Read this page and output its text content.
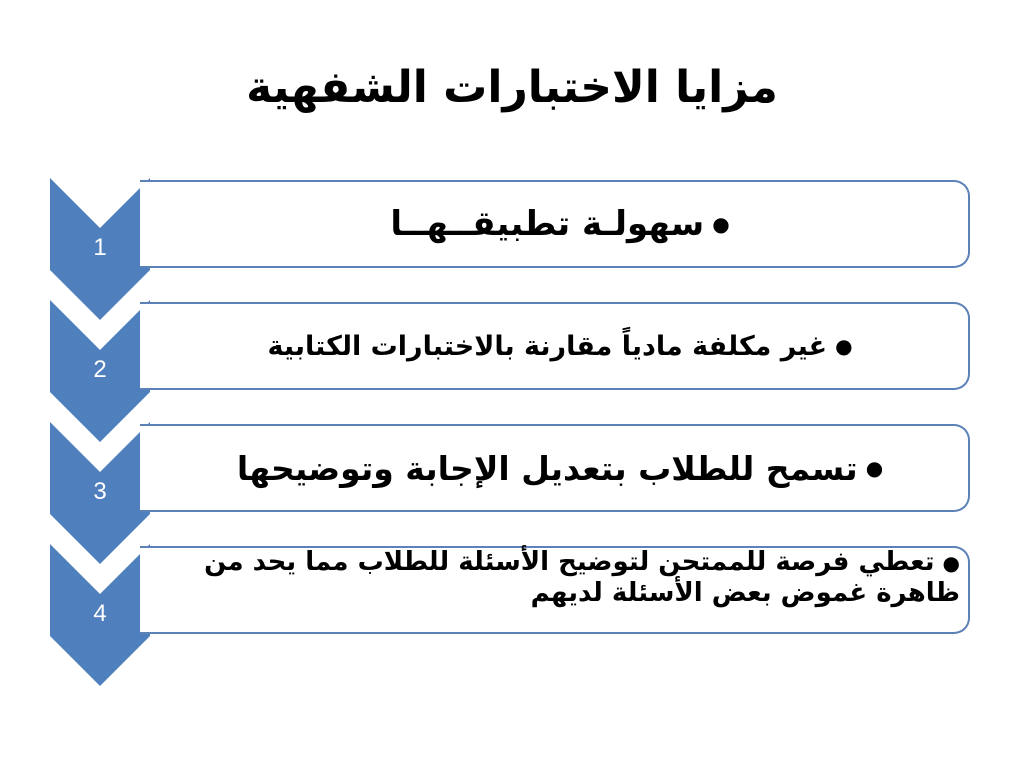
مزايا الاختبارات الشفهية
1
●
سهولـة تطبيقــهــا
2
●
غير مكلفة مادياً مقارنة بالاختبارات الكتابية
3
●
تسمح للطلاب بتعديل الإجابة وتوضيحها
4
●تعطي فرصة للممتحن لتوضيح الأسئلة للطلاب مما يحد من ظاهرة غموض بعض الأسئلة لديهم
